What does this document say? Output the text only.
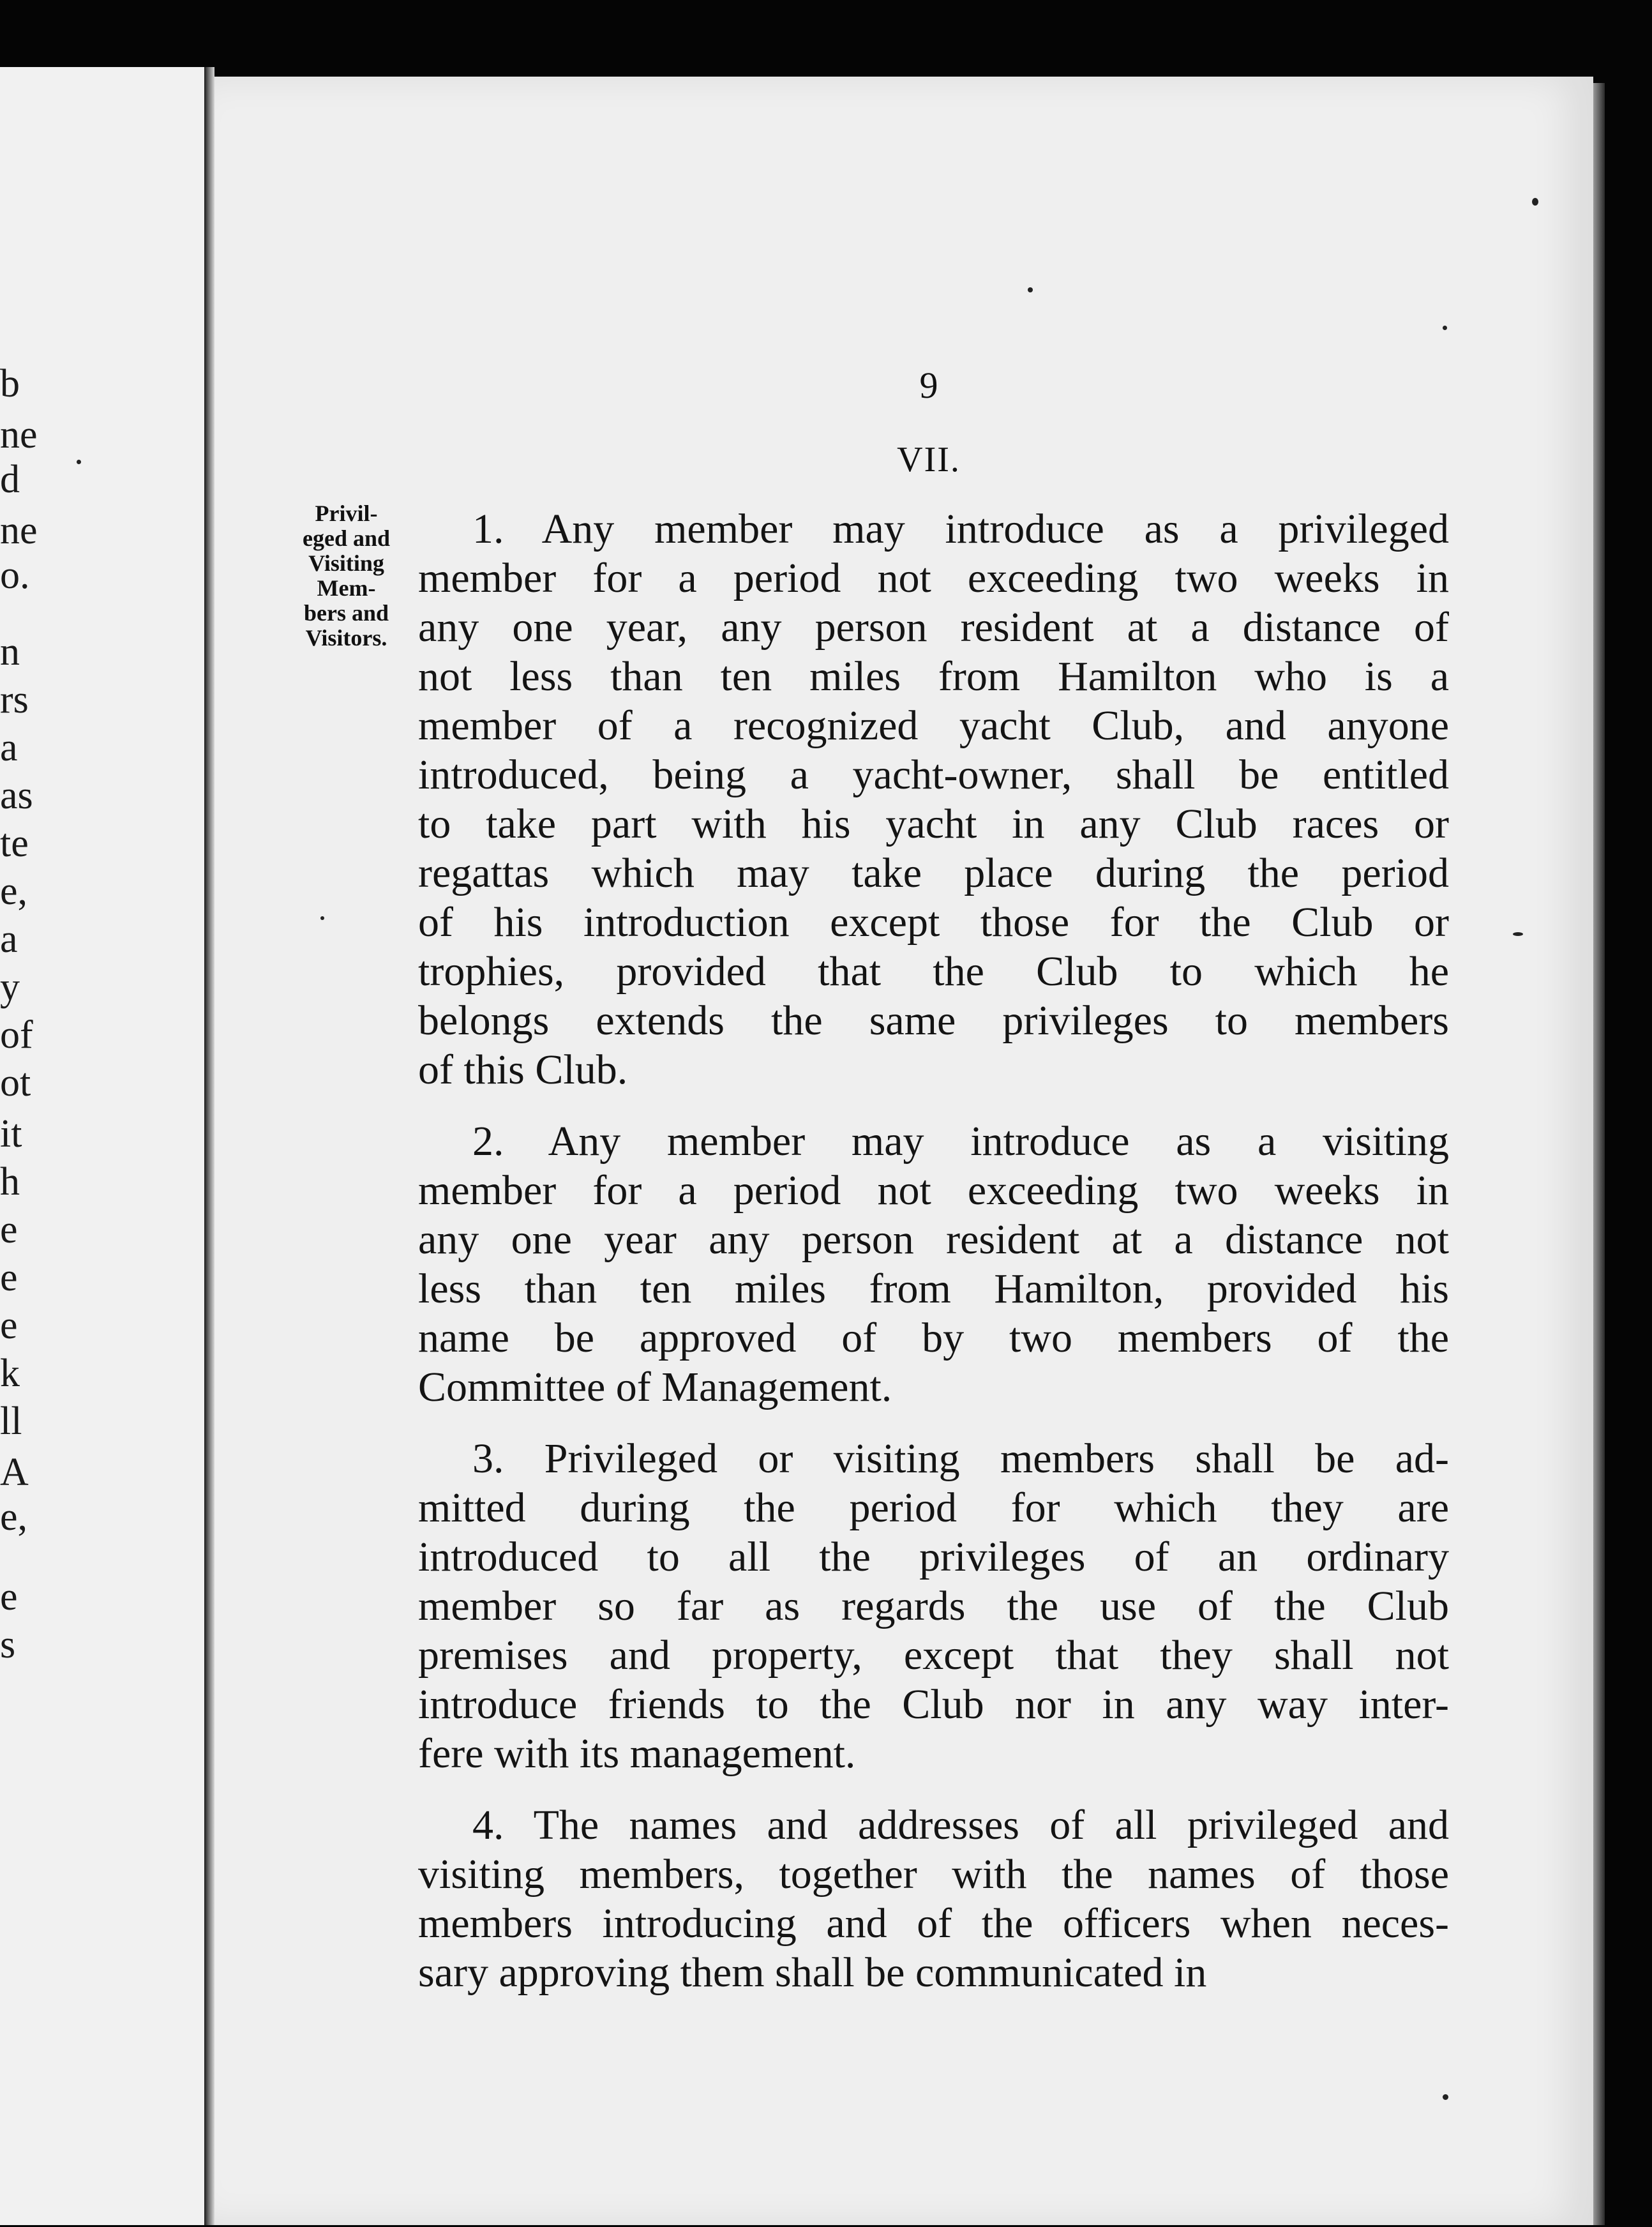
b
ne
d
ne
o.
n
rs
a
as
te
e,
a
y
of
ot
it
h
e
e
e
k
ll
A
e,
e
s
9
VII.
Privil-
eged and
Visiting
Mem-
bers and
Visitors.
1. Any member may introduce as a privileged
member for a period not exceeding two weeks in
any one year, any person resident at a distance of
not less than ten miles from Hamilton who is a
member of a recognized yacht Club, and anyone
introduced, being a yacht-owner, shall be entitled
to take part with his yacht in any Club races or
regattas which may take place during the period
of his introduction except those for the Club or
trophies, provided that the Club to which he
belongs extends the same privileges to members
of this Club.
2. Any member may introduce as a visiting
member for a period not exceeding two weeks in
any one year any person resident at a distance not
less than ten miles from Hamilton, provided his
name be approved of by two members of the
Committee of Management.
3. Privileged or visiting members shall be ad-
mitted during the period for which they are
introduced to all the privileges of an ordinary
member so far as regards the use of the Club
premises and property, except that they shall not
introduce friends to the Club nor in any way inter-
fere with its management.
4. The names and addresses of all privileged and
visiting members, together with the names of those
members introducing and of the officers when neces-
sary approving them shall be communicated in
